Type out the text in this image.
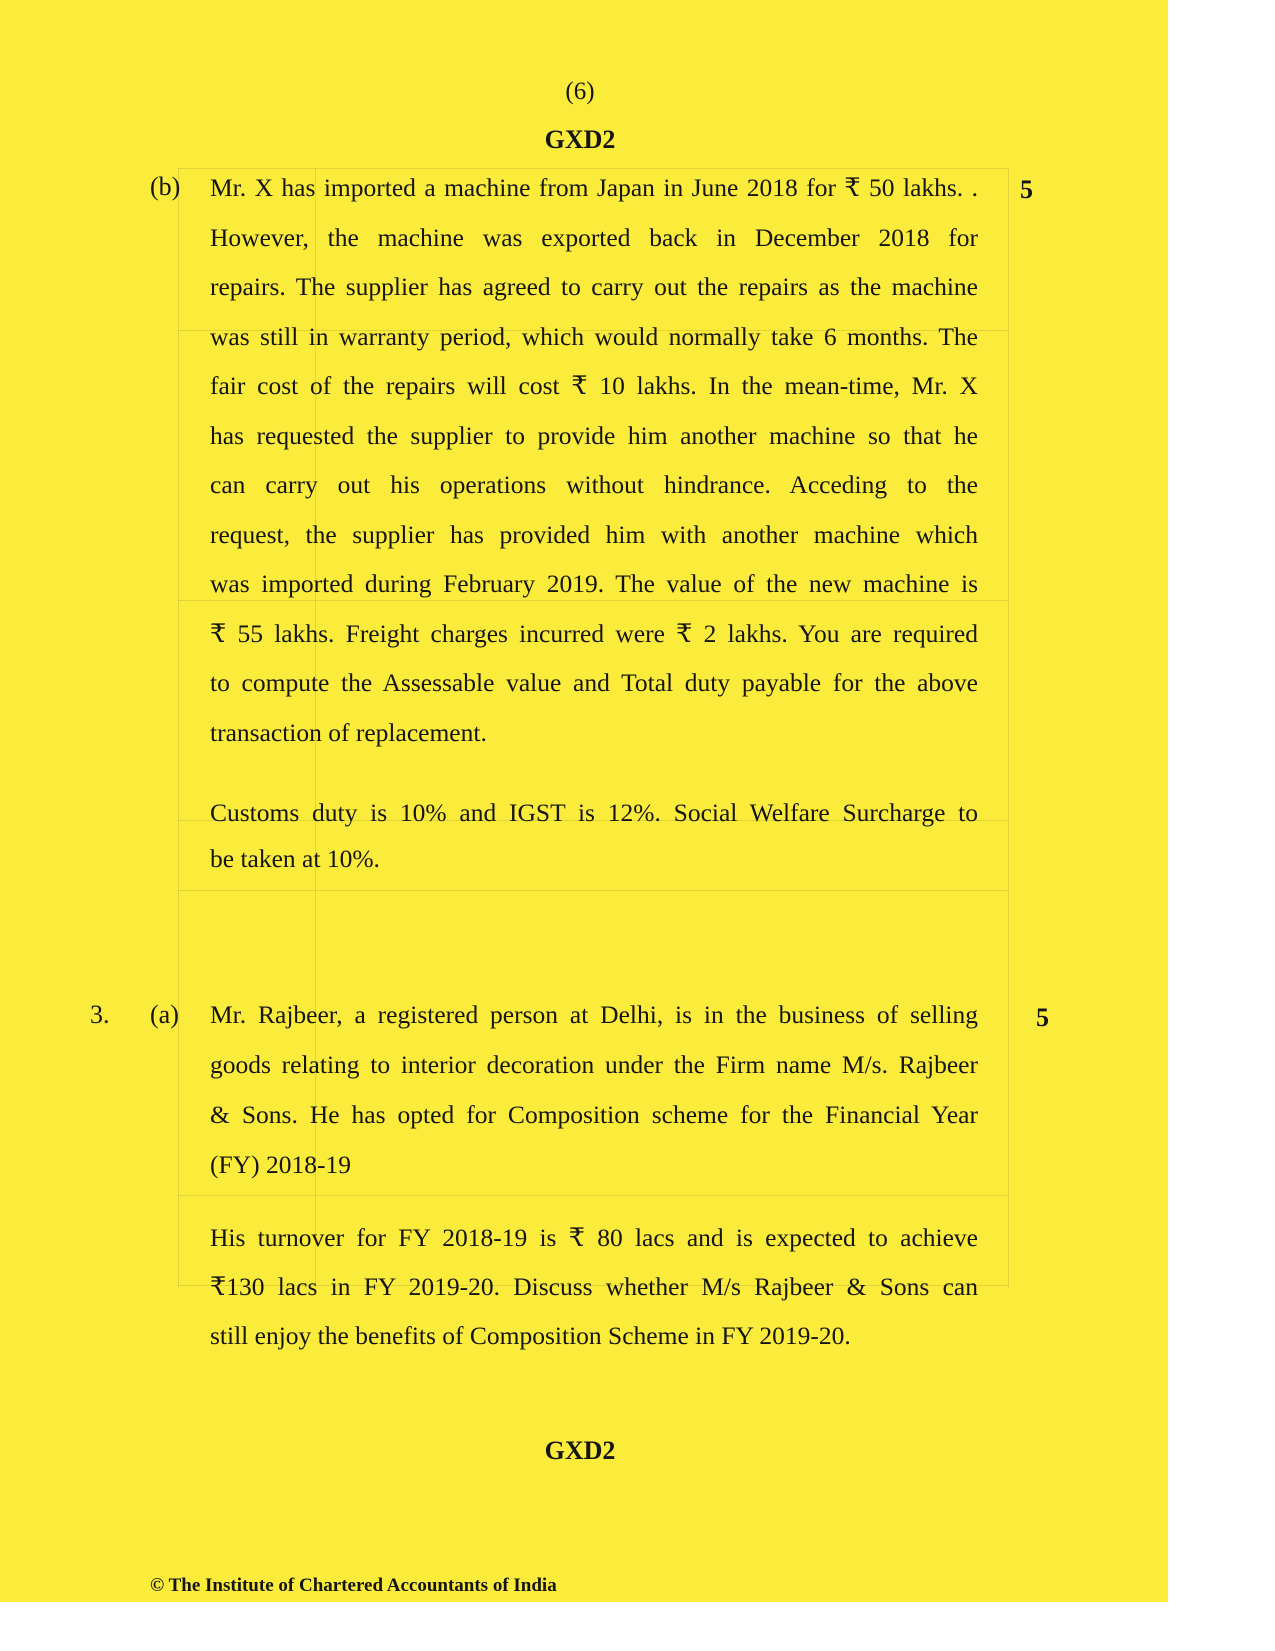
(6)
GXD2
(b)	5
Mr. X has imported a machine from Japan in June 2018 for ₹ 50 lakhs. .
However, the machine was exported back in December 2018 for
repairs. The supplier has agreed to carry out the repairs as the machine
was still in warranty period, which would normally take 6 months. The
fair cost of the repairs will cost ₹ 10 lakhs. In the mean-time, Mr. X
has requested the supplier to provide him another machine so that he
can carry out his operations without hindrance. Acceding to the
request, the supplier has provided him with another machine which
was imported during February 2019. The value of the new machine is
₹ 55 lakhs. Freight charges incurred were ₹ 2 lakhs. You are required
to compute the Assessable value and Total duty payable for the above
transaction of replacement.
Customs duty is 10% and IGST is 12%. Social Welfare Surcharge to
be taken at 10%.
3. (a)	5
Mr. Rajbeer, a registered person at Delhi, is in the business of selling
goods relating to interior decoration under the Firm name M/s. Rajbeer
& Sons. He has opted for Composition scheme for the Financial Year
(FY) 2018-19
His turnover for FY 2018-19 is ₹ 80 lacs and is expected to achieve
₹130 lacs in FY 2019-20. Discuss whether M/s Rajbeer & Sons can
still enjoy the benefits of Composition Scheme in FY 2019-20.
GXD2
© The Institute of Chartered Accountants of India
